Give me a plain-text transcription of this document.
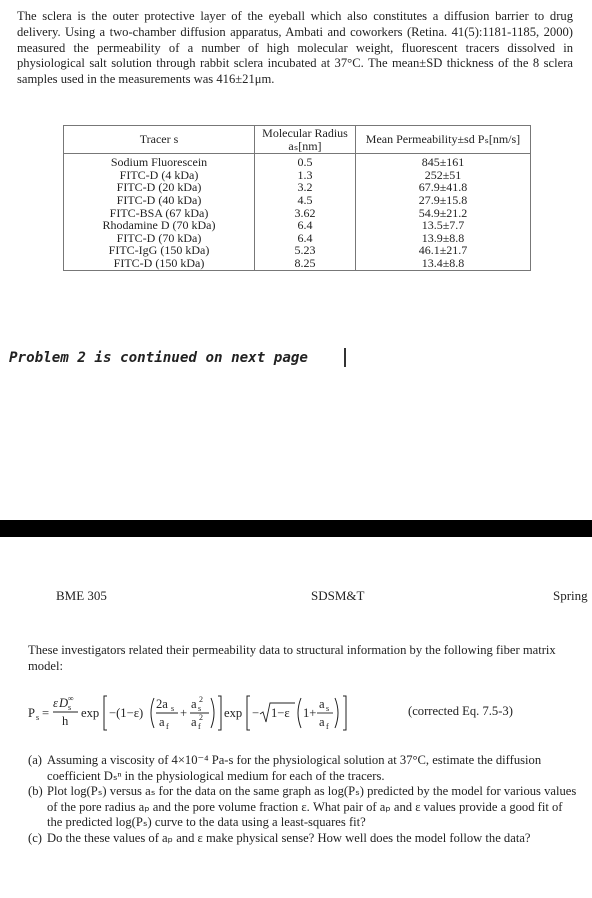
The sclera is the outer protective layer of the eyeball which also constitutes a diffusion barrier to drug delivery. Using a two-chamber diffusion apparatus, Ambati and coworkers (Retina. 41(5):1181-1185, 2000) measured the permeability of a number of high molecular weight, fluorescent tracers dissolved in physiological salt solution through rabbit sclera incubated at 37°C. The mean±SD thickness of the 8 sclera samples used in the measurements was 416±21μm.
Tracer s	Molecular Radius aₛ[nm]	Mean Permeability±sd Pₛ[nm/s]
Sodium Fluorescein	0.5	845±161
FITC-D (4 kDa)	1.3	252±51
FITC-D (20 kDa)	3.2	67.9±41.8
FITC-D (40 kDa)	4.5	27.9±15.8
FITC-BSA (67 kDa)	3.62	54.9±21.2
Rhodamine D (70 kDa)	6.4	13.5±7.7
FITC-D (70 kDa)	6.4	13.9±8.8
FITC-IgG (150 kDa)	5.23	46.1±21.7
FITC-D (150 kDa)	8.25	13.4±8.8
Problem 2 is continued on next page
BME 305	SDSM&T	Spring
These investigators related their permeability data to structural information by the following fiber matrix model:
P s =
ε D ∞
s
h
exp −(1−ε)
2a s
a f
+
a s
2
a f
2 exp − 1−ε 1+
a s
a f
(corrected Eq. 7.5-3)
(a) Assuming a viscosity of 4×10⁻⁴ Pa-s for the physiological solution at 37°C, estimate the diffusion coefficient Dₛⁿ in the physiological medium for each of the tracers.
(b) Plot log(Pₛ) versus aₛ for the data on the same graph as log(Pₛ) predicted by the model for various values of the pore radius aₚ and the pore volume fraction ε. What pair of aₚ and ε values provide a good fit of the predicted log(Pₛ) curve to the data using a least-squares fit?
(c) Do the these values of aₚ and ε make physical sense? How well does the model follow the data?
